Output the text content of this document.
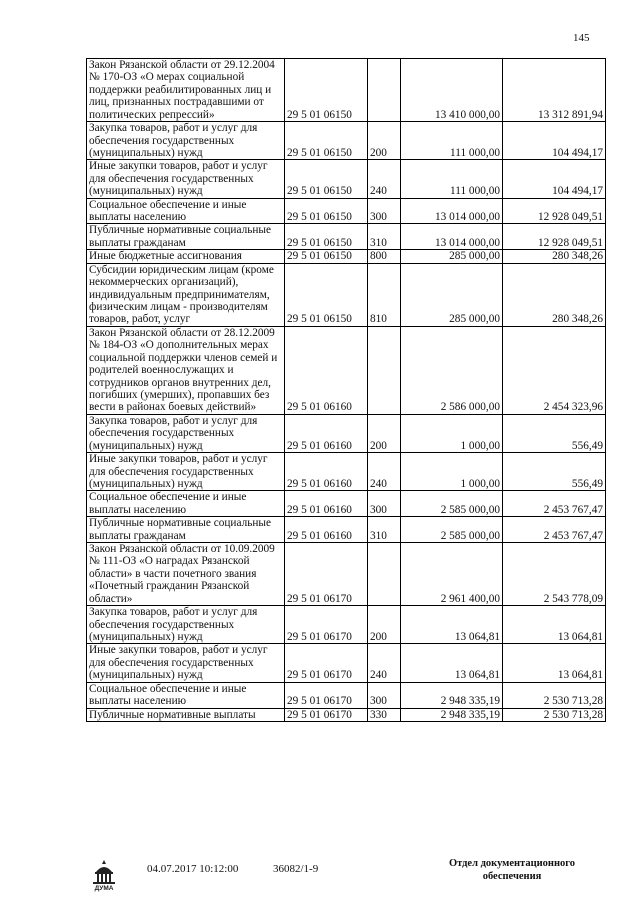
145
Закон Рязанской области от 29.12.2004 № 170-ОЗ «О мерах социальной поддержки реабилитированных лиц и лиц, признанных пострадавшими от политических репрессий»	29 5 01 06150		13 410 000,00	13 312 891,94
Закупка товаров, работ и услуг для обеспечения государственных (муниципальных) нужд	29 5 01 06150	200	111 000,00	104 494,17
Иные закупки товаров, работ и услуг для обеспечения государственных (муниципальных) нужд	29 5 01 06150	240	111 000,00	104 494,17
Социальное обеспечение и иные выплаты населению	29 5 01 06150	300	13 014 000,00	12 928 049,51
Публичные нормативные социальные выплаты гражданам	29 5 01 06150	310	13 014 000,00	12 928 049,51
Иные бюджетные ассигнования	29 5 01 06150	800	285 000,00	280 348,26
Субсидии юридическим лицам (кроме некоммерческих организаций), индивидуальным предпринимателям, физическим лицам - производителям товаров, работ, услуг	29 5 01 06150	810	285 000,00	280 348,26
Закон Рязанской области от 28.12.2009 № 184-ОЗ «О дополнительных мерах социальной поддержки членов семей и родителей военнослужащих и сотрудников органов внутренних дел, погибших (умерших), пропавших без вести в районах боевых действий»	29 5 01 06160		2 586 000,00	2 454 323,96
Закупка товаров, работ и услуг для обеспечения государственных (муниципальных) нужд	29 5 01 06160	200	1 000,00	556,49
Иные закупки товаров, работ и услуг для обеспечения государственных (муниципальных) нужд	29 5 01 06160	240	1 000,00	556,49
Социальное обеспечение и иные выплаты населению	29 5 01 06160	300	2 585 000,00	2 453 767,47
Публичные нормативные социальные выплаты гражданам	29 5 01 06160	310	2 585 000,00	2 453 767,47
Закон Рязанской области от 10.09.2009 № 111-ОЗ «О наградах Рязанской области» в части почетного звания «Почетный гражданин Рязанской области»	29 5 01 06170		2 961 400,00	2 543 778,09
Закупка товаров, работ и услуг для обеспечения государственных (муниципальных) нужд	29 5 01 06170	200	13 064,81	13 064,81
Иные закупки товаров, работ и услуг для обеспечения государственных (муниципальных) нужд	29 5 01 06170	240	13 064,81	13 064,81
Социальное обеспечение и иные выплаты населению	29 5 01 06170	300	2 948 335,19	2 530 713,28
Публичные нормативные выплаты	29 5 01 06170	330	2 948 335,19	2 530 713,28
ДУМА
04.07.2017 10:12:00	36082/1-9	Отдел документационного
обеспечения
